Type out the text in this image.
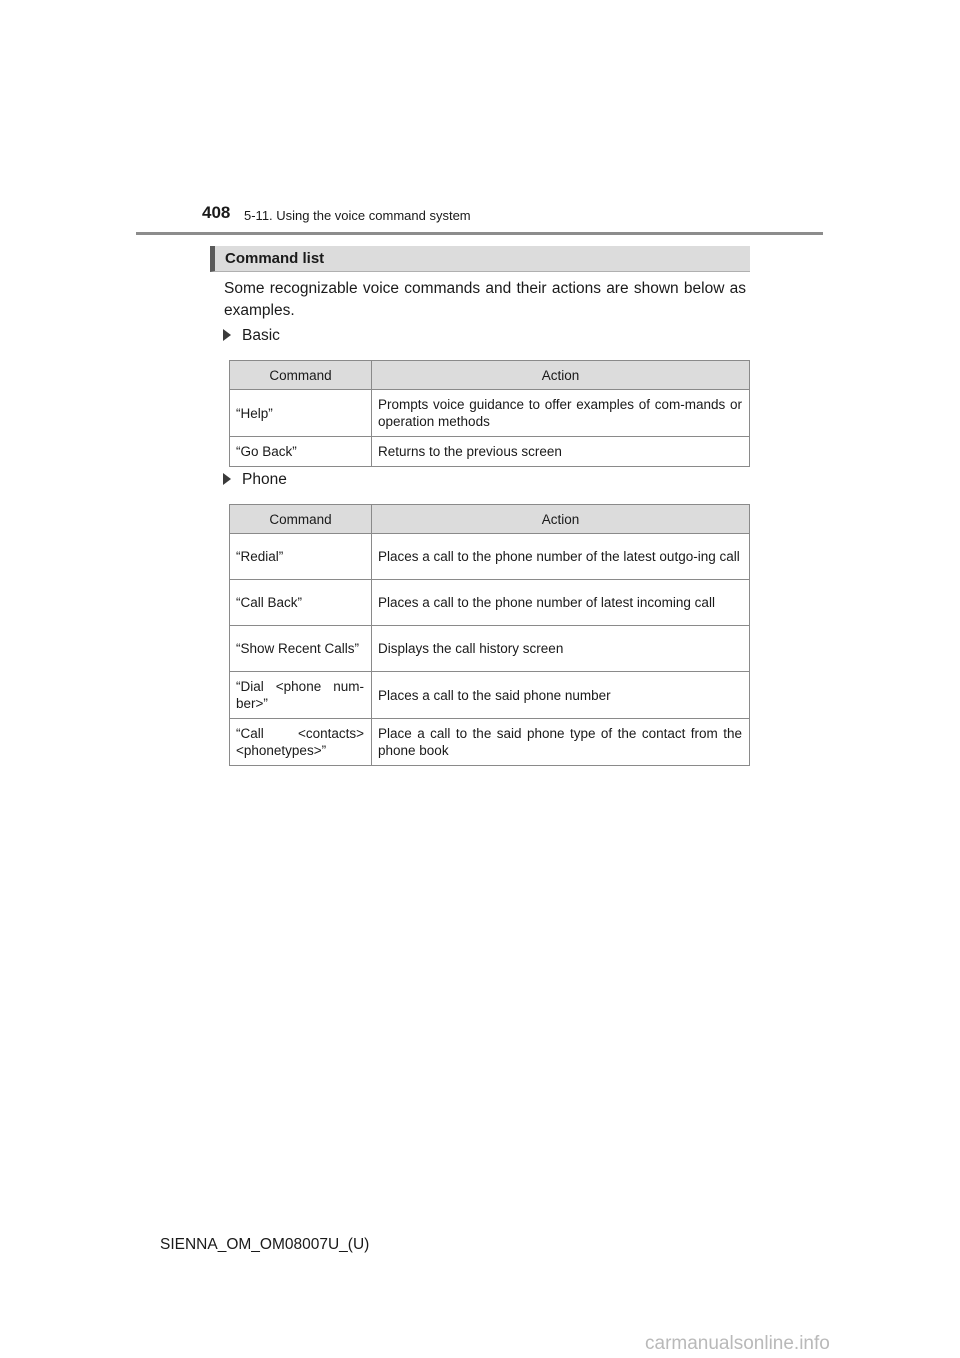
408 5-11. Using the voice command system
Command list
Some recognizable voice commands and their actions are shown below as examples.
Basic
Command	Action
“Help”	Prompts voice guidance to offer examples of com-mands or operation methods
“Go Back”	Returns to the previous screen
Phone
Command	Action
“Redial”	Places a call to the phone number of the latest outgo-ing call
“Call Back”	Places a call to the phone number of latest incoming call
“Show Recent Calls”	Displays the call history screen
“Dial <phone num-ber>”	Places a call to the said phone number
“Call <contacts> <phonetypes>”	Place a call to the said phone type of the contact from the phone book
SIENNA_OM_OM08007U_(U)
carmanualsonline.info
